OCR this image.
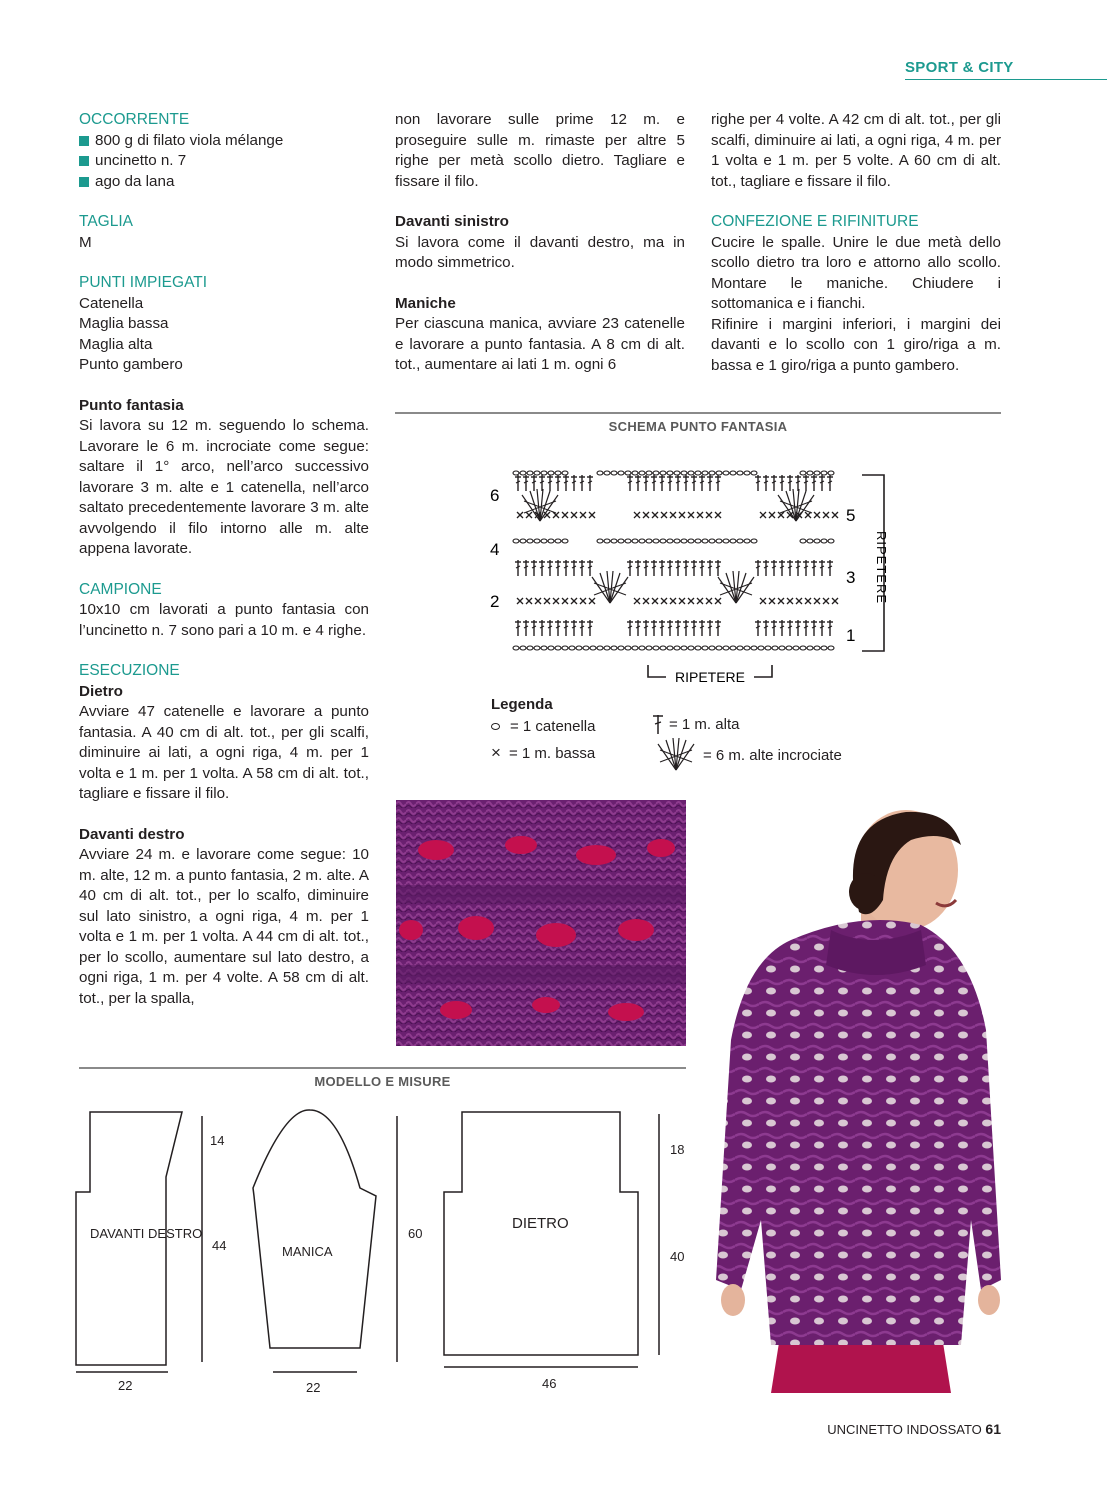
SPORT & CITY
OCCORRENTE
800 g di filato viola mélange
uncinetto n. 7
ago da lana
TAGLIA
M
PUNTI IMPIEGATI
Catenella
Maglia bassa
Maglia alta
Punto gambero
Punto fantasia

Si lavora su 12 m. seguendo lo schema. Lavorare le 6 m. incrociate come segue: saltare il 1° arco, nell’arco successivo lavorare 3 m. alte e 1 catenella, nell’arco saltato precedentemente lavorare 3 m. alte avvolgendo il filo intorno alle m. alte appena lavorate.

CAMPIONE

10x10 cm lavorati a punto fantasia con l’uncinetto n. 7 sono pari a 10 m. e 4 righe.

ESECUZIONE
Dietro

Avviare 47 catenelle e lavorare a punto fantasia. A 40 cm di alt. tot., per gli scalfi, diminuire ai lati, a ogni riga, 4 m. per 1 volta e 1 m. per 1 volta. A 58 cm di alt. tot., tagliare e fissare il filo.

Davanti destro

Avviare 24 m. e lavorare come segue: 10 m. alte, 12 m. a punto fantasia, 2 m. alte. A 40 cm di alt. tot., per lo scalfo, diminuire sul lato sinistro, a ogni riga, 4 m. per 1 volta e 1 m. per 1 volta. A 44 cm di alt. tot., per lo scollo, aumentare sul lato destro, a ogni riga, 1 m. per 4 volte. A 58 cm di alt. tot., per la spalla,

non lavorare sulle prime 12 m. e proseguire sulle m. rimaste per altre 5 righe per metà scollo dietro. Tagliare e fissare il filo.

Davanti sinistro

Si lavora come il davanti destro, ma in modo simmetrico.

Maniche

Per ciascuna manica, avviare 23 catenelle e lavorare a punto fantasia. A 8 cm di alt. tot., aumentare ai lati 1 m. ogni 6

righe per 4 volte. A 42 cm di alt. tot., per gli scalfi, diminuire ai lati, a ogni riga, 4 m. per 1 volta e 1 m. per 5 volte. A 60 cm di alt. tot., tagliare e fissare il filo.

CONFEZIONE E RIFINITURE

Cucire le spalle. Unire le due metà dello scollo dietro tra loro e attorno allo scollo. Montare le maniche. Chiudere i sottomanica e i fianchi.

Rifinire i margini inferiori, i margini dei davanti e lo scollo con 1 giro/riga a m. bassa e 1 giro/riga a punto gambero.

SCHEMA PUNTO FANTASIA
6
4
2
5
3
1
RIPETERE
RIPETERE
Legenda
= 1 catenella
× = 1 m. bassa
= 1 m. alta
= 6 m. alte incrociate
MODELLO E MISURE
DAVANTI DESTRO
22
14
44	MANICA
22
60
DIETRO
46
18
40
UNCINETTO INDOSSATO 61
